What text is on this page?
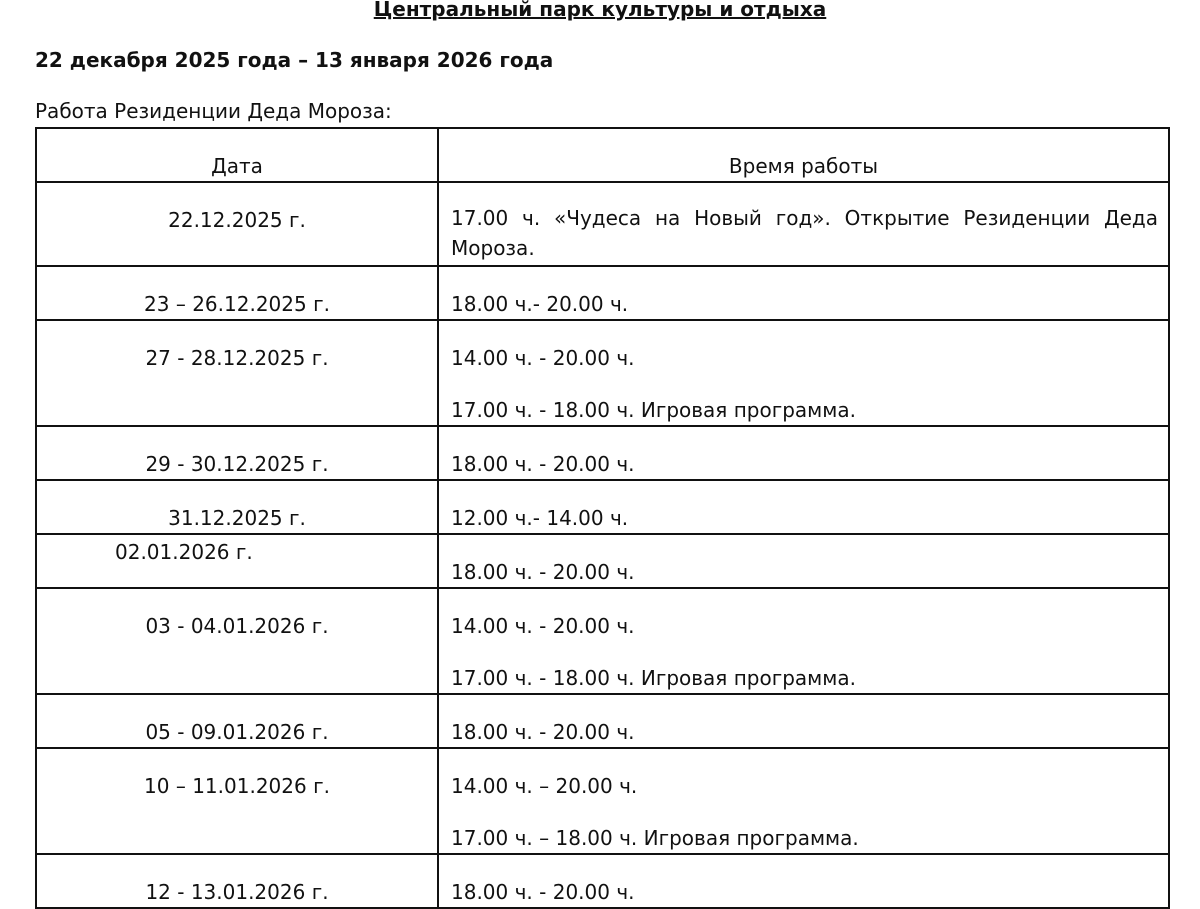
Центральный парк культуры и отдыха

22 декабря 2025 года – 13 января 2026 года

Работа Резиденции Деда Мороза:

Дата	Время работы
22.12.2025 г.	17.00 ч. «Чудеса на Новый год». Открытие Резиденции Деда Мороза.

23 – 26.12.2025 г.	18.00 ч.- 20.00 ч.

27 - 28.12.2025 г.	14.00 ч. - 20.00 ч.
17.00 ч. - 18.00 ч. Игровая программа.

29 - 30.12.2025 г.	18.00 ч. - 20.00 ч.

31.12.2025 г.	12.00 ч.- 14.00 ч.

02.01.2026 г.	18.00 ч. - 20.00 ч.

03 - 04.01.2026 г.	14.00 ч. - 20.00 ч.
17.00 ч. - 18.00 ч. Игровая программа.

05 - 09.01.2026 г.	18.00 ч. - 20.00 ч.

10 – 11.01.2026 г.	14.00 ч. – 20.00 ч.
17.00 ч. – 18.00 ч. Игровая программа.

12 - 13.01.2026 г.	18.00 ч. - 20.00 ч.
